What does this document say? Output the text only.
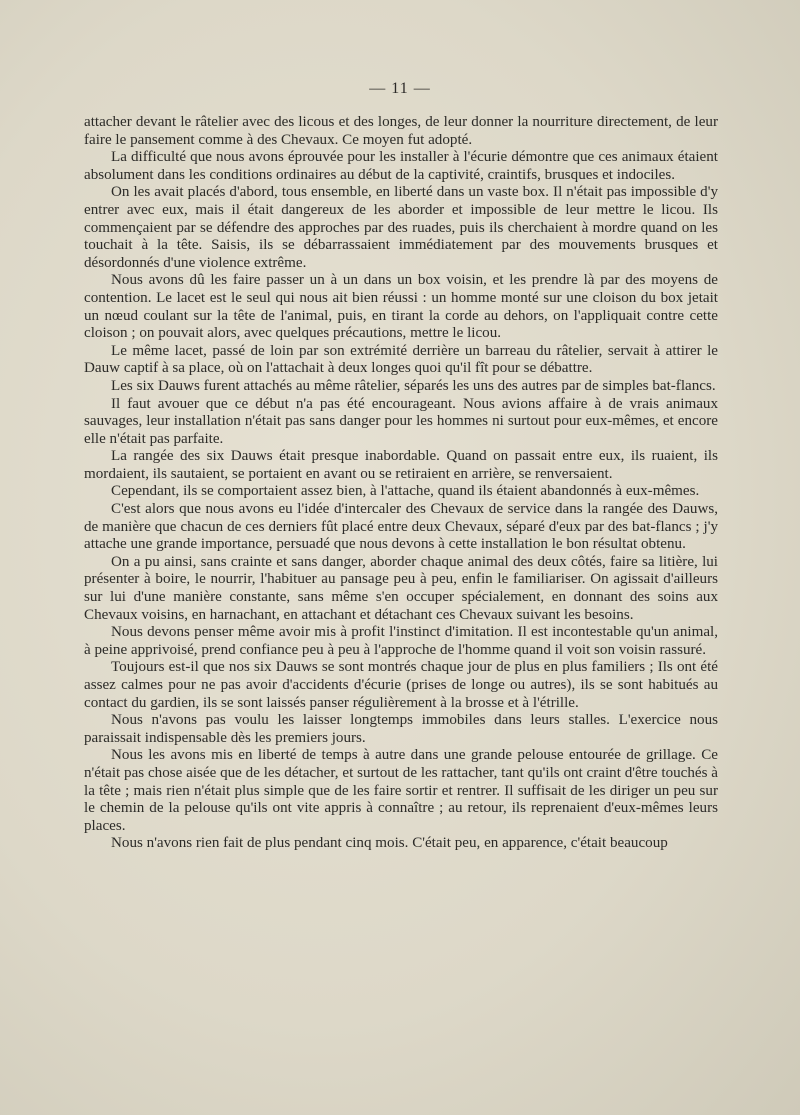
— 11 —

attacher devant le râtelier avec des licous et des longes, de leur donner la nourriture directement, de leur faire le pansement comme à des Chevaux. Ce moyen fut adopté.

La difficulté que nous avons éprouvée pour les installer à l'écurie démontre que ces animaux étaient absolument dans les conditions ordinaires au début de la captivité, craintifs, brusques et indociles.

On les avait placés d'abord, tous ensemble, en liberté dans un vaste box. Il n'était pas impossible d'y entrer avec eux, mais il était dangereux de les aborder et impossible de leur mettre le licou. Ils commençaient par se défendre des approches par des ruades, puis ils cherchaient à mordre quand on les touchait à la tête. Saisis, ils se débarrassaient immédiatement par des mouvements brusques et désordonnés d'une violence extrême.

Nous avons dû les faire passer un à un dans un box voisin, et les prendre là par des moyens de contention. Le lacet est le seul qui nous ait bien réussi : un homme monté sur une cloison du box jetait un nœud coulant sur la tête de l'animal, puis, en tirant la corde au dehors, on l'appliquait contre cette cloison ; on pouvait alors, avec quelques précautions, mettre le licou.

Le même lacet, passé de loin par son extrémité derrière un barreau du râtelier, servait à attirer le Dauw captif à sa place, où on l'attachait à deux longes quoi qu'il fît pour se débattre.

Les six Dauws furent attachés au même râtelier, séparés les uns des autres par de simples bat-flancs.

Il faut avouer que ce début n'a pas été encourageant. Nous avions affaire à de vrais animaux sauvages, leur installation n'était pas sans danger pour les hommes ni surtout pour eux-mêmes, et encore elle n'était pas parfaite.

La rangée des six Dauws était presque inabordable. Quand on passait entre eux, ils ruaient, ils mordaient, ils sautaient, se portaient en avant ou se retiraient en arrière, se renversaient.

Cependant, ils se comportaient assez bien, à l'attache, quand ils étaient abandonnés à eux-mêmes.

C'est alors que nous avons eu l'idée d'intercaler des Chevaux de service dans la rangée des Dauws, de manière que chacun de ces derniers fût placé entre deux Chevaux, séparé d'eux par des bat-flancs ; j'y attache une grande importance, persuadé que nous devons à cette installation le bon résultat obtenu.

On a pu ainsi, sans crainte et sans danger, aborder chaque animal des deux côtés, faire sa litière, lui présenter à boire, le nourrir, l'habituer au pansage peu à peu, enfin le familiariser. On agissait d'ailleurs sur lui d'une manière constante, sans même s'en occuper spécialement, en donnant des soins aux Chevaux voisins, en harnachant, en attachant et détachant ces Chevaux suivant les besoins.

Nous devons penser même avoir mis à profit l'instinct d'imitation. Il est incontestable qu'un animal, à peine apprivoisé, prend confiance peu à peu à l'approche de l'homme quand il voit son voisin rassuré.

Toujours est-il que nos six Dauws se sont montrés chaque jour de plus en plus familiers ; Ils ont été assez calmes pour ne pas avoir d'accidents d'écurie (prises de longe ou autres), ils se sont habitués au contact du gardien, ils se sont laissés panser régulièrement à la brosse et à l'étrille.

Nous n'avons pas voulu les laisser longtemps immobiles dans leurs stalles. L'exercice nous paraissait indispensable dès les premiers jours.

Nous les avons mis en liberté de temps à autre dans une grande pelouse entourée de grillage. Ce n'était pas chose aisée que de les détacher, et surtout de les rattacher, tant qu'ils ont craint d'être touchés à la tête ; mais rien n'était plus simple que de les faire sortir et rentrer. Il suffisait de les diriger un peu sur le chemin de la pelouse qu'ils ont vite appris à connaître ; au retour, ils reprenaient d'eux-mêmes leurs places.

Nous n'avons rien fait de plus pendant cinq mois. C'était peu, en apparence, c'était beaucoup
